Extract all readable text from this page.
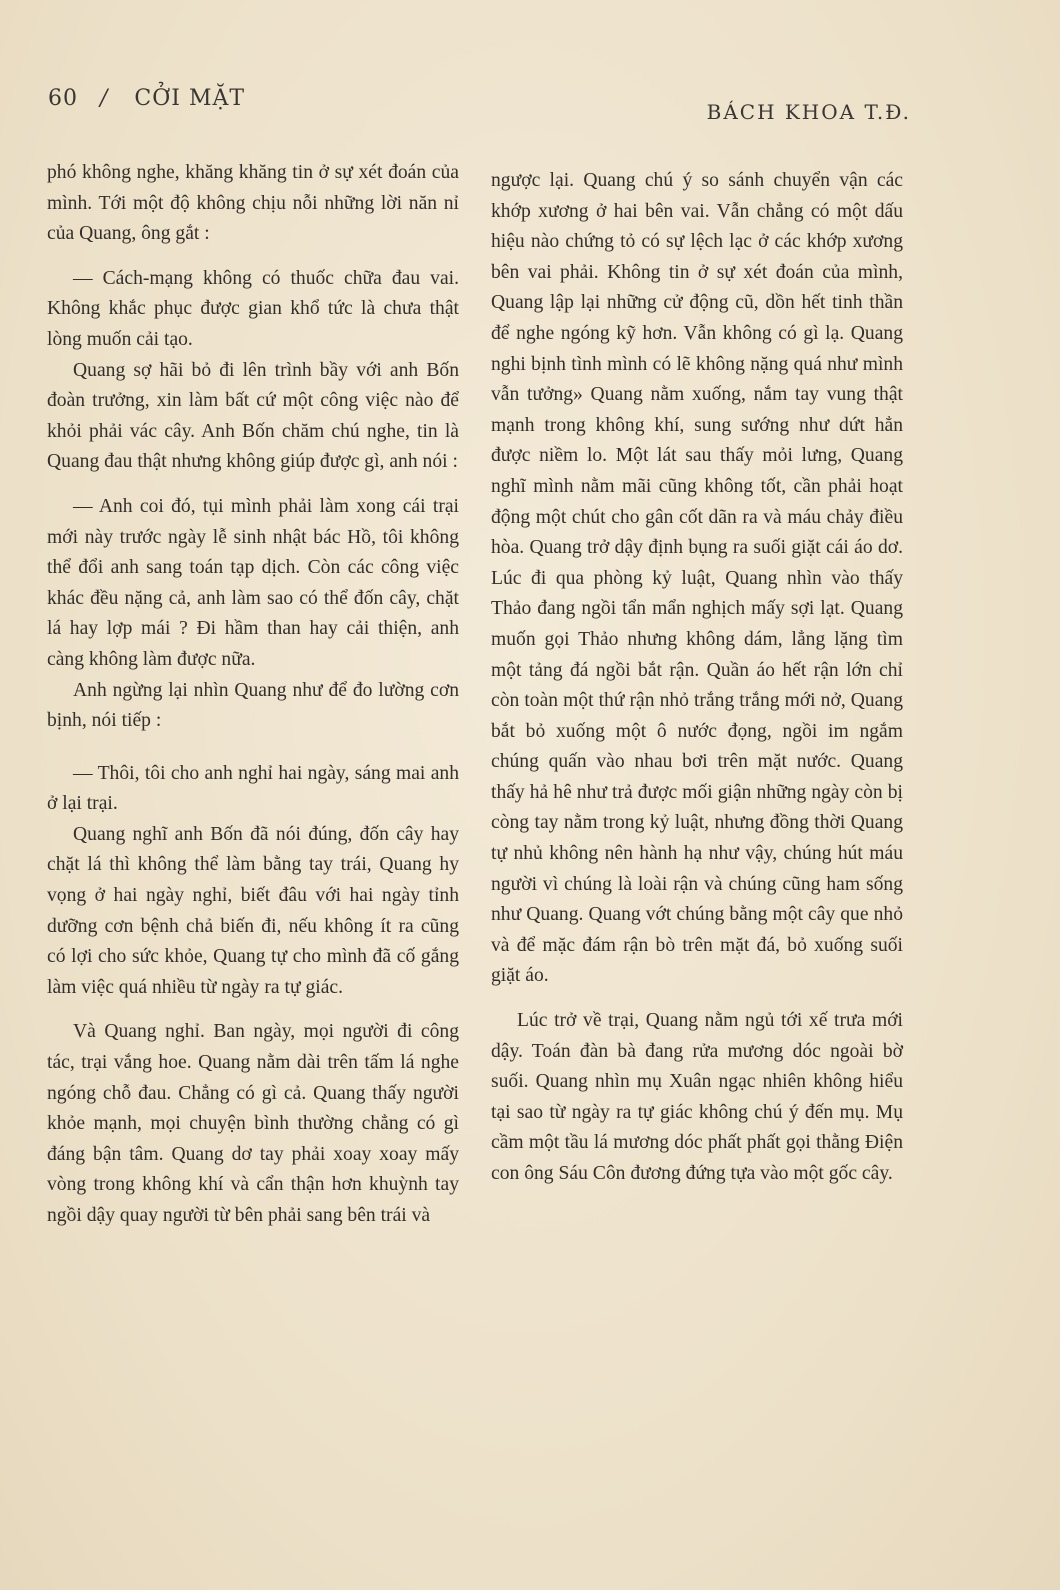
60 / CỞI MẶT
BÁCH KHOA T.Đ.

phó không nghe, khăng khăng tin ở sự xét đoán của mình. Tới một độ không chịu nỗi những lời năn nỉ của Quang, ông gắt :

— Cách-mạng không có thuốc chữa đau vai. Không khắc phục được gian khổ tức là chưa thật lòng muốn cải tạo.

Quang sợ hãi bỏ đi lên trình bầy với anh Bốn đoàn trưởng, xin làm bất cứ một công việc nào để khỏi phải vác cây. Anh Bốn chăm chú nghe, tin là Quang đau thật nhưng không giúp được gì, anh nói :

— Anh coi đó, tụi mình phải làm xong cái trại mới này trước ngày lễ sinh nhật bác Hồ, tôi không thể đổi anh sang toán tạp dịch. Còn các công việc khác đều nặng cả, anh làm sao có thể đốn cây, chặt lá hay lợp mái ? Đi hầm than hay cải thiện, anh càng không làm được nữa.

Anh ngừng lại nhìn Quang như để đo lường cơn bịnh, nói tiếp :

— Thôi, tôi cho anh nghỉ hai ngày, sáng mai anh ở lại trại.

Quang nghĩ anh Bốn đã nói đúng, đốn cây hay chặt lá thì không thể làm bằng tay trái, Quang hy vọng ở hai ngày nghỉ, biết đâu với hai ngày tỉnh dưỡng cơn bệnh chả biến đi, nếu không ít ra cũng có lợi cho sức khỏe, Quang tự cho mình đã cố gắng làm việc quá nhiều từ ngày ra tự giác.

Và Quang nghỉ. Ban ngày, mọi người đi công tác, trại vắng hoe. Quang nằm dài trên tấm lá nghe ngóng chỗ đau. Chẳng có gì cả. Quang thấy người khỏe mạnh, mọi chuyện bình thường chẳng có gì đáng bận tâm. Quang dơ tay phải xoay xoay mấy vòng trong không khí và cẩn thận hơn khuỳnh tay ngồi dậy quay người từ bên phải sang bên trái và

ngược lại. Quang chú ý so sánh chuyển vận các khớp xương ở hai bên vai. Vẫn chẳng có một dấu hiệu nào chứng tỏ có sự lệch lạc ở các khớp xương bên vai phải. Không tin ở sự xét đoán của mình, Quang lập lại những cử động cũ, dồn hết tinh thần để nghe ngóng kỹ hơn. Vẫn không có gì lạ. Quang nghi bịnh tình mình có lẽ không nặng quá như mình vẫn tưởng» Quang nằm xuống, nắm tay vung thật mạnh trong không khí, sung sướng như dứt hẳn được niềm lo. Một lát sau thấy mỏi lưng, Quang nghĩ mình nằm mãi cũng không tốt, cần phải hoạt động một chút cho gân cốt dãn ra và máu chảy điều hòa. Quang trở dậy định bụng ra suối giặt cái áo dơ. Lúc đi qua phòng kỷ luật, Quang nhìn vào thấy Thảo đang ngồi tẩn mẩn nghịch mấy sợi lạt. Quang muốn gọi Thảo nhưng không dám, lẳng lặng tìm một tảng đá ngồi bắt rận. Quần áo hết rận lớn chỉ còn toàn một thứ rận nhỏ trắng trắng mới nở, Quang bắt bỏ xuống một ô nước đọng, ngồi im ngắm chúng quấn vào nhau bơi trên mặt nước. Quang thấy hả hê như trả được mối giận những ngày còn bị còng tay nằm trong kỷ luật, nhưng đồng thời Quang tự nhủ không nên hành hạ như vậy, chúng hút máu người vì chúng là loài rận và chúng cũng ham sống như Quang. Quang vớt chúng bằng một cây que nhỏ và để mặc đám rận bò trên mặt đá, bỏ xuống suối giặt áo.

Lúc trở về trại, Quang nằm ngủ tới xế trưa mới dậy. Toán đàn bà đang rửa mương dóc ngoài bờ suối. Quang nhìn mụ Xuân ngạc nhiên không hiểu tại sao từ ngày ra tự giác không chú ý đến mụ. Mụ cầm một tầu lá mương dóc phất phất gọi thằng Điện con ông Sáu Côn đương đứng tựa vào một gốc cây.
